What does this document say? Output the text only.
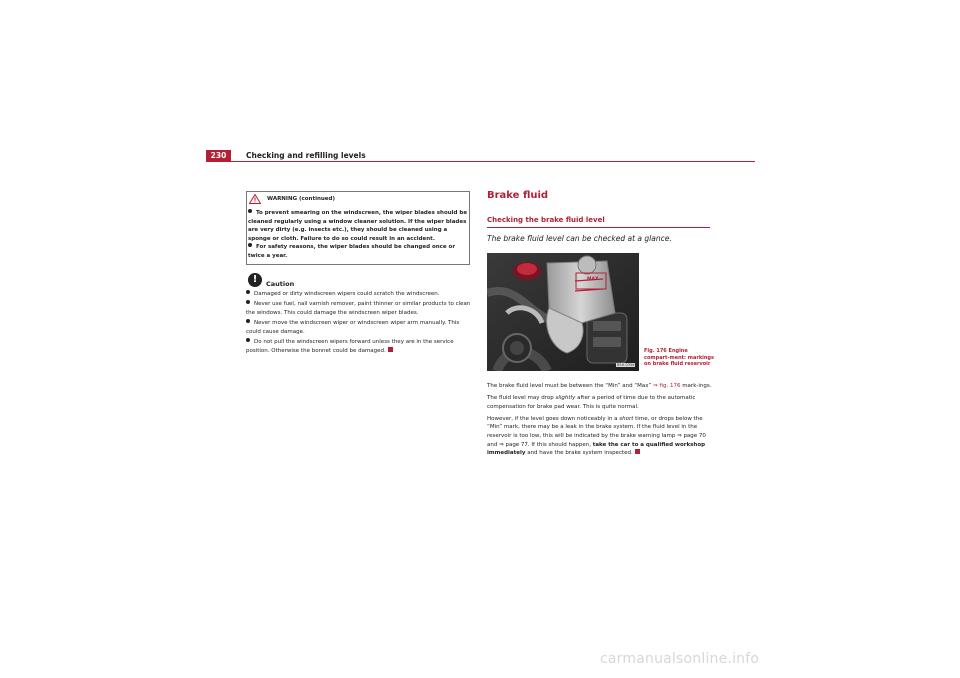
230	Checking and refilling levels
WARNING (continued)
To prevent smearing on the windscreen, the wiper blades should be cleaned regularly using a window cleaner solution. If the wiper blades are very dirty (e.g. insects etc.), they should be cleaned using a sponge or cloth. Failure to do so could result in an accident.
For safety reasons, the wiper blades should be changed once or twice a year.
!	Caution
Damaged or dirty windscreen wipers could scratch the windscreen.
Never use fuel, nail varnish remover, paint thinner or similar products to clean the windows. This could damage the windscreen wiper blades.
Never move the windscreen wiper or windscreen wiper arm manually. This could cause damage.
Do not pull the windscreen wipers forward unless they are in the service position. Otherwise the bonnet could be damaged.
Brake fluid
Checking the brake fluid level
The brake fluid level can be checked at a glance.
MAX
B5H-0356
Fig. 176 Engine compart-ment: markings on brake fluid reservoir

The brake fluid level must be between the “Min” and “Max” ⇒ fig. 176 mark-ings.

The fluid level may drop slightly after a period of time due to the automatic compensation for brake pad wear. This is quite normal.

However, if the level goes down noticeably in a short time, or drops below the “Min” mark, there may be a leak in the brake system. If the fluid level in the reservoir is too low, this will be indicated by the brake warning lamp ⇒ page 70 and ⇒ page 77. If this should happen, take the car to a qualified workshop immediately and have the brake system inspected.

carmanualsonline.info
